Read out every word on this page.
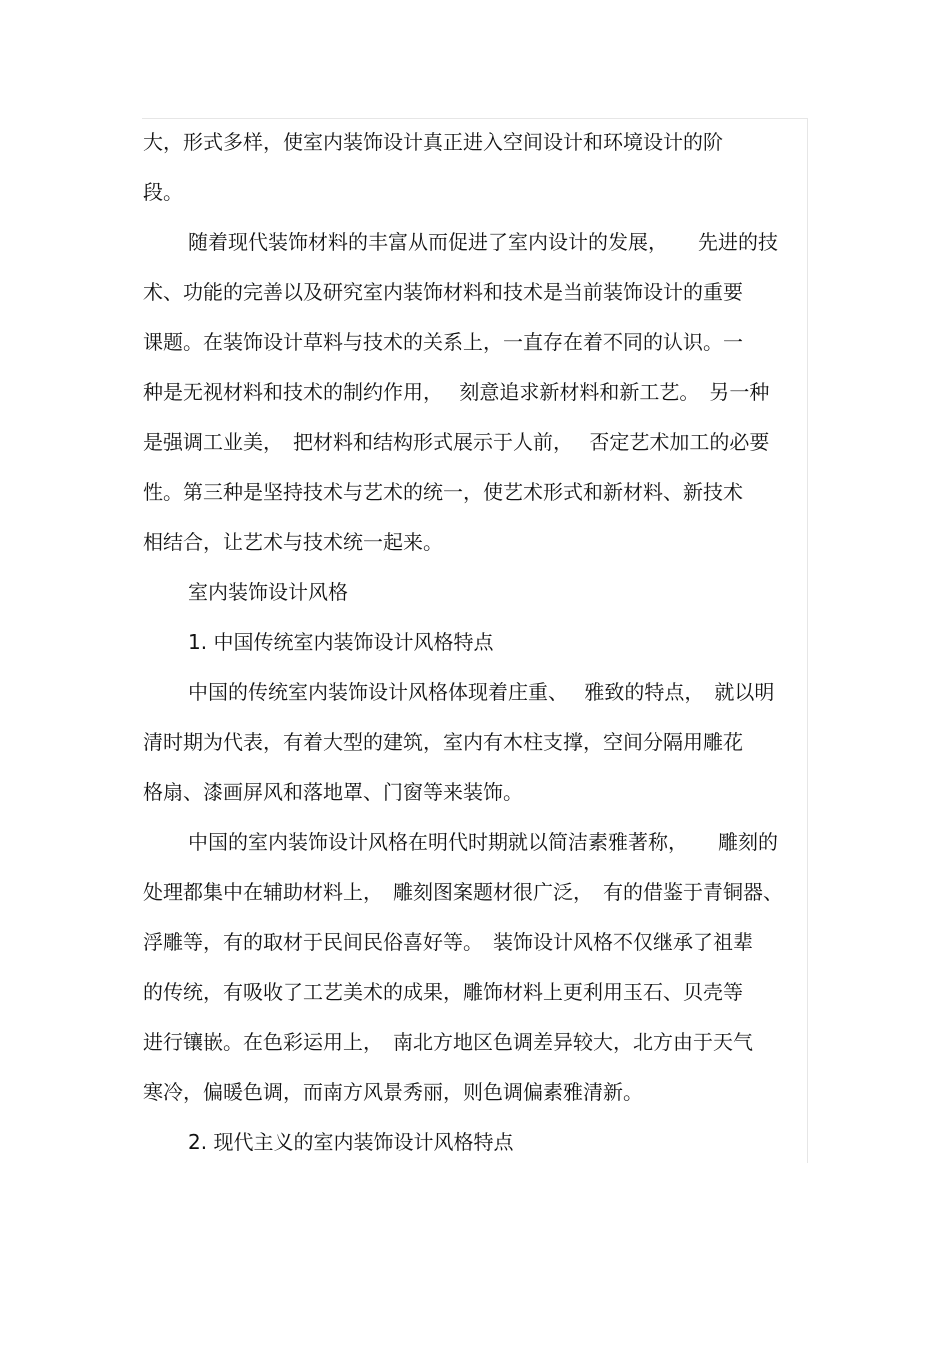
大，形式多样，使室内装饰设计真正进入空间设计和环境设计的阶
段。
随着现代装饰材料的丰富从而促进了室内设计的发展，　　先进的技
术、功能的完善以及研究室内装饰材料和技术是当前装饰设计的重要
课题。在装饰设计草料与技术的关系上，一直存在着不同的认识。一
种是无视材料和技术的制约作用，　 刻意追求新材料和新工艺。　另一种
是强调工业美，　把材料和结构形式展示于人前，　 否定艺术加工的必要
性。第三种是坚持技术与艺术的统一，使艺术形式和新材料、新技术
相结合，让艺术与技术统一起来。
室内装饰设计风格
1. 中国传统室内装饰设计风格特点
中国的传统室内装饰设计风格体现着庄重、　 雅致的特点，　就以明
清时期为代表，有着大型的建筑，室内有木柱支撑，空间分隔用雕花
格扇、漆画屏风和落地罩、门窗等来装饰。
中国的室内装饰设计风格在明代时期就以简洁素雅著称，　　雕刻的
处理都集中在辅助材料上，　雕刻图案题材很广泛，　有的借鉴于青铜器、
浮雕等，有的取材于民间民俗喜好等。　装饰设计风格不仅继承了祖辈
的传统，有吸收了工艺美术的成果，雕饰材料上更利用玉石、贝壳等
进行镶嵌。在色彩运用上，　南北方地区色调差异较大，北方由于天气
寒冷，偏暖色调，而南方风景秀丽，则色调偏素雅清新。
2. 现代主义的室内装饰设计风格特点
